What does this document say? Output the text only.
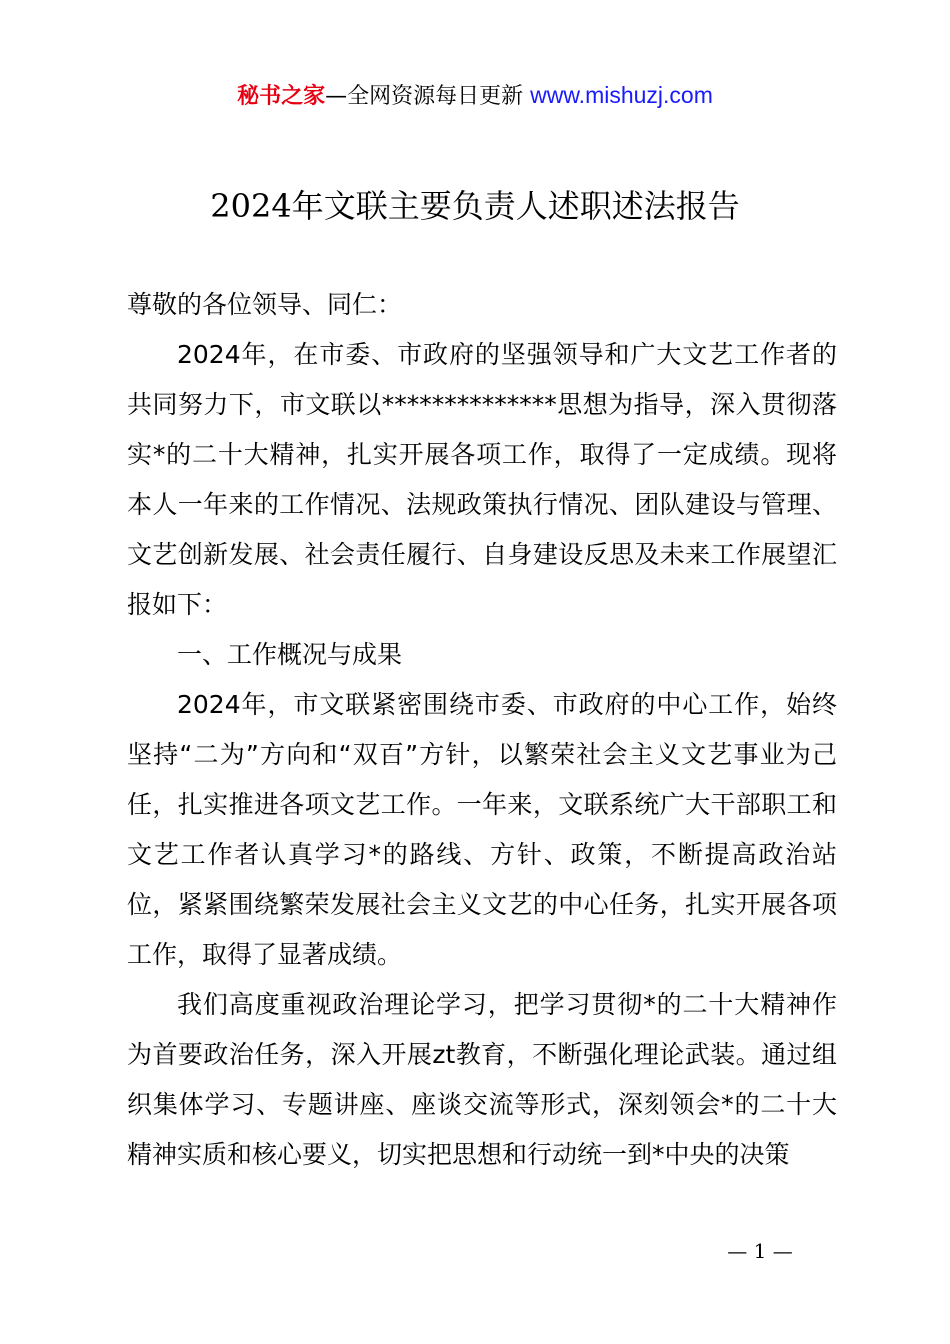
秘书之家—全网资源每日更新 www.mishuzj.com
2024年文联主要负责人述职述法报告

尊敬的各位领导、同仁：

2024年，在市委、市政府的坚强领导和广大文艺工作者的共同努力下，市文联以**************思想为指导，深入贯彻落实*的二十大精神，扎实开展各项工作，取得了一定成绩。现将本人一年来的工作情况、法规政策执行情况、团队建设与管理、文艺创新发展、社会责任履行、自身建设反思及未来工作展望汇报如下：

一、工作概况与成果

2024年，市文联紧密围绕市委、市政府的中心工作，始终坚持“二为”方向和“双百”方针，以繁荣社会主义文艺事业为己任，扎实推进各项文艺工作。一年来，文联系统广大干部职工和文艺工作者认真学习*的路线、方针、政策，不断提高政治站位，紧紧围绕繁荣发展社会主义文艺的中心任务，扎实开展各项工作，取得了显著成绩。

我们高度重视政治理论学习，把学习贯彻*的二十大精神作为首要政治任务，深入开展zt教育，不断强化理论武装。通过组织集体学习、专题讲座、座谈交流等形式，深刻领会*的二十大精神实质和核心要义，切实把思想和行动统一到*中央的决策

— 1 —
